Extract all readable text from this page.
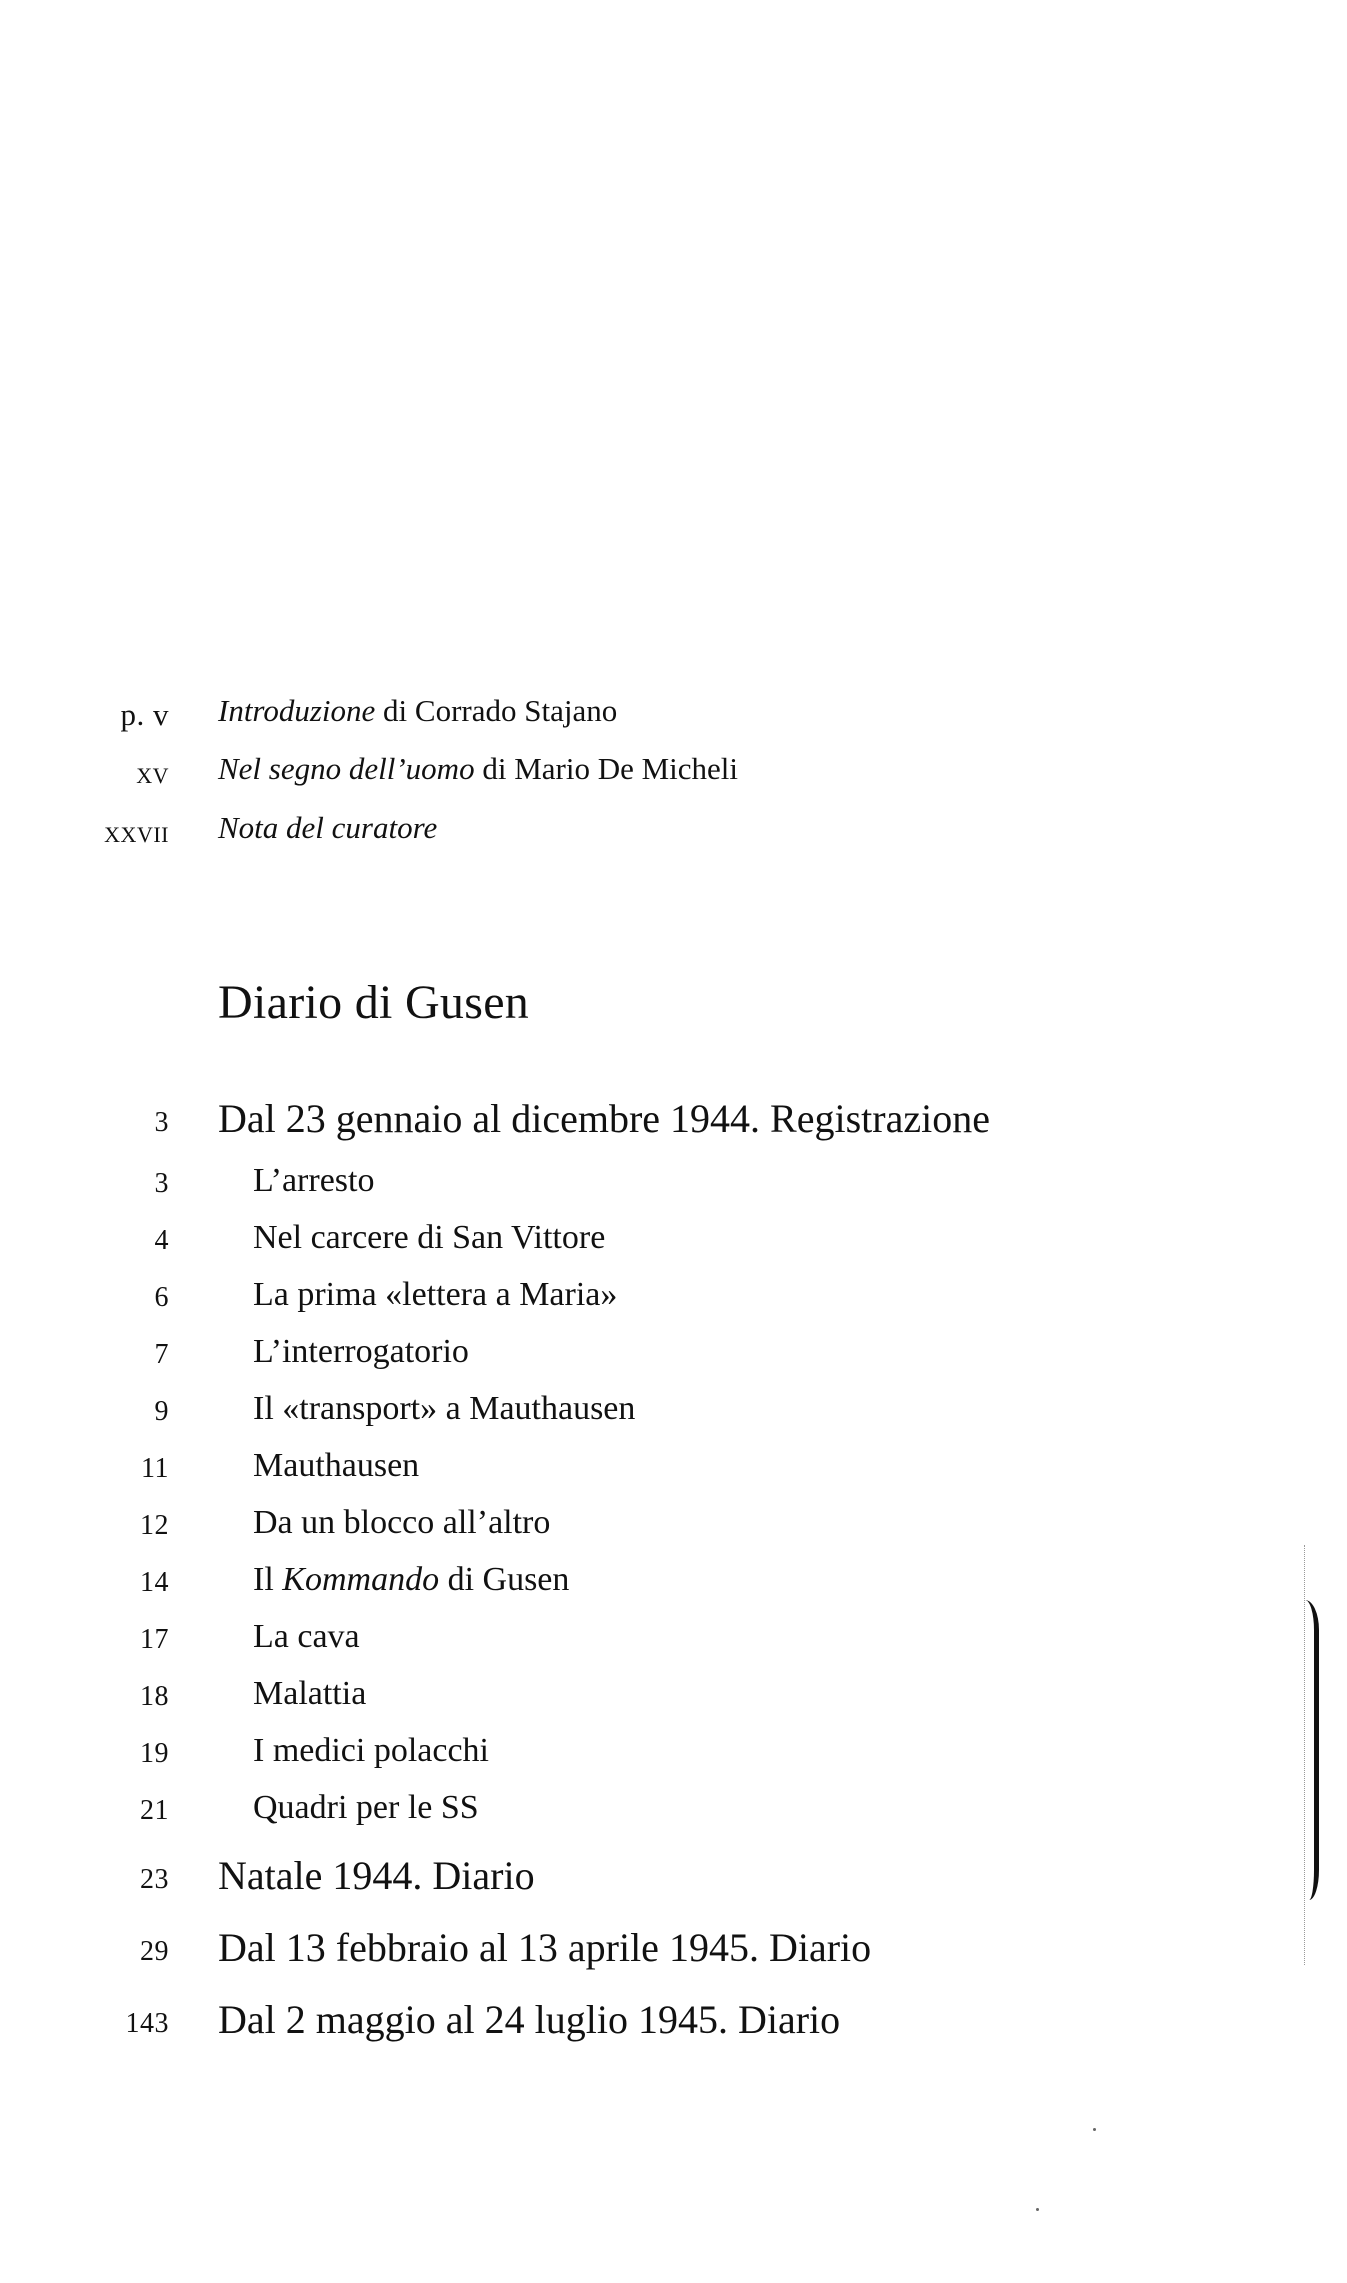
p. v Introduzione di Corrado Stajano
xv Nel segno dell’uomo di Mario De Micheli
xxvii Nota del curatore
Diario di Gusen
3 Dal 23 gennaio al dicembre 1944. Registrazione
3 L’arresto
4 Nel carcere di San Vittore
6 La prima «lettera a Maria»
7 L’interrogatorio
9 Il «transport» a Mauthausen
11 Mauthausen
12 Da un blocco all’altro
14 Il Kommando di Gusen
17 La cava
18 Malattia
19 I medici polacchi
21 Quadri per le SS
23 Natale 1944. Diario
29 Dal 13 febbraio al 13 aprile 1945. Diario
143 Dal 2 maggio al 24 luglio 1945. Diario
